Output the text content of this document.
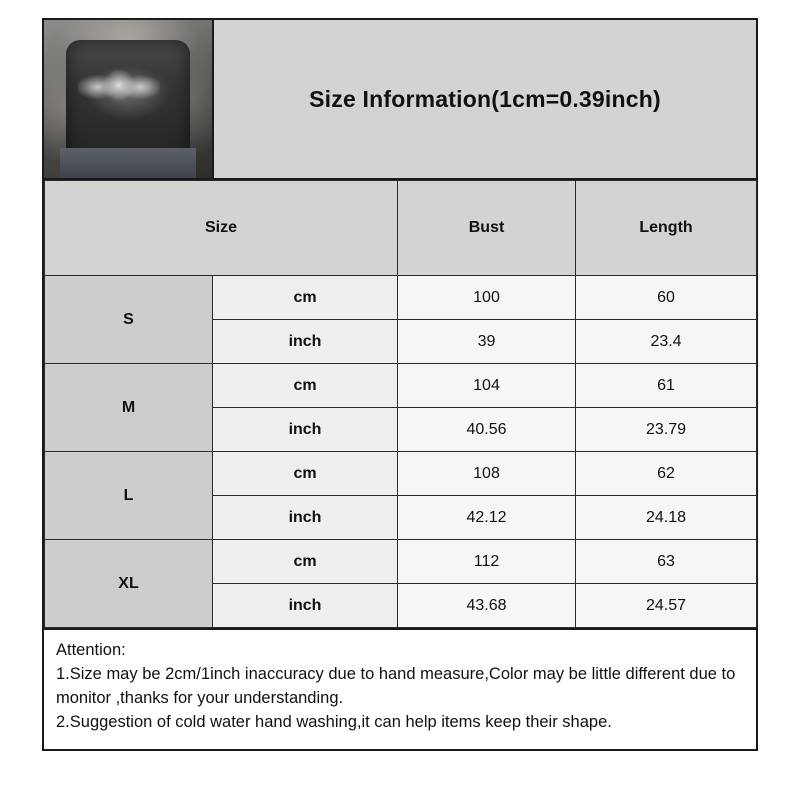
Size Information(1cm=0.39inch)
Size		Bust	Length
S	cm	100	60
	inch	39	23.4
M	cm	104	61
	inch	40.56	23.79
L	cm	108	62
	inch	42.12	24.18
XL	cm	112	63
	inch	43.68	24.57

Attention:

1.Size may be 2cm/1inch inaccuracy due to hand measure,Color may be little different due to monitor ,thanks for your understanding.

2.Suggestion of cold water hand washing,it can help items keep their shape.
